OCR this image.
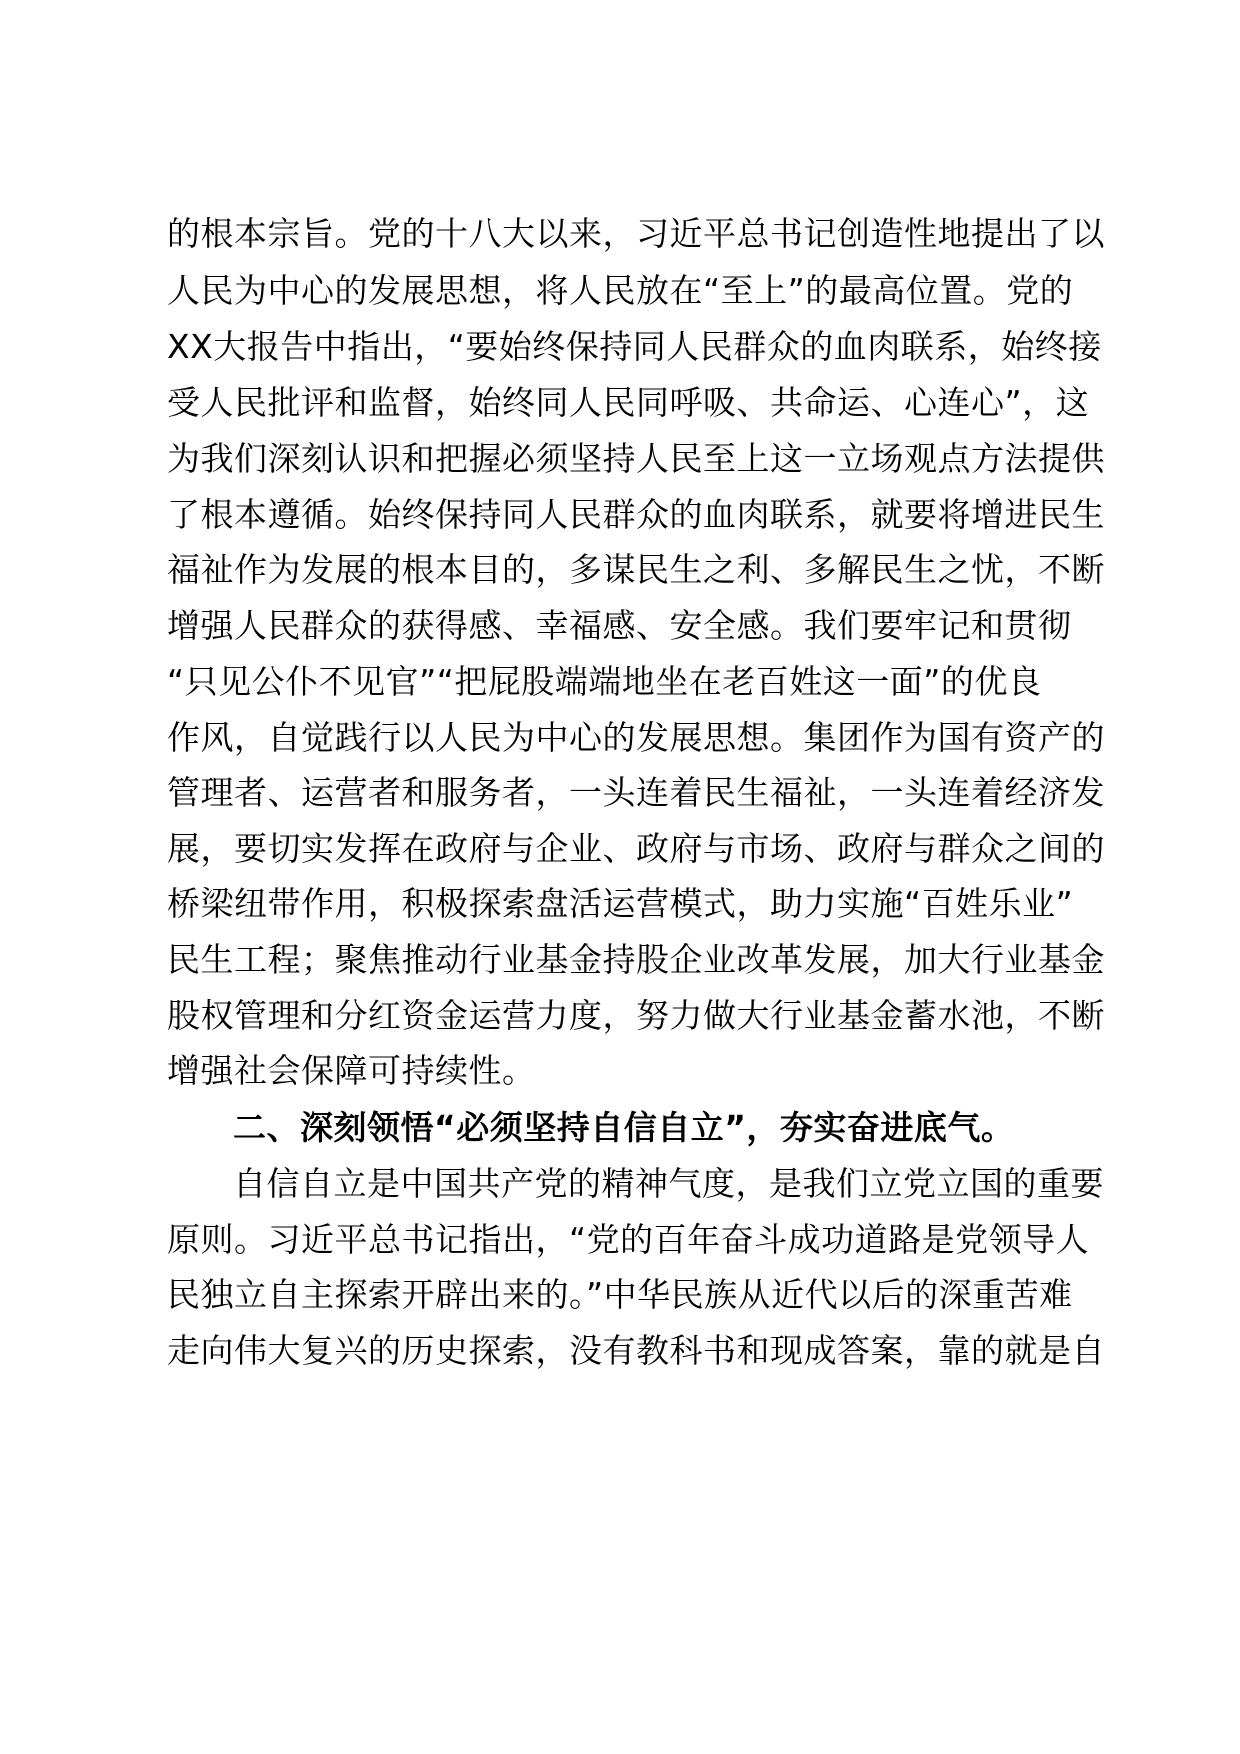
的根本宗旨。党的十八大以来，习近平总书记创造性地提出了以
人民为中心的发展思想，将人民放在“至上”的最高位置。党的
XX大报告中指出，“要始终保持同人民群众的血肉联系，始终接
受人民批评和监督，始终同人民同呼吸、共命运、心连心”，这
为我们深刻认识和把握必须坚持人民至上这一立场观点方法提供
了根本遵循。始终保持同人民群众的血肉联系，就要将增进民生
福祉作为发展的根本目的，多谋民生之利、多解民生之忧，不断
增强人民群众的获得感、幸福感、安全感。我们要牢记和贯彻
“只见公仆不见官”“把屁股端端地坐在老百姓这一面”的优良
作风，自觉践行以人民为中心的发展思想。集团作为国有资产的
管理者、运营者和服务者，一头连着民生福祉，一头连着经济发
展，要切实发挥在政府与企业、政府与市场、政府与群众之间的
桥梁纽带作用，积极探索盘活运营模式，助力实施“百姓乐业”
民生工程；聚焦推动行业基金持股企业改革发展，加大行业基金
股权管理和分红资金运营力度，努力做大行业基金蓄水池，不断
增强社会保障可持续性。
二、深刻领悟“必须坚持自信自立”，夯实奋进底气。
自信自立是中国共产党的精神气度，是我们立党立国的重要
原则。习近平总书记指出，“党的百年奋斗成功道路是党领导人
民独立自主探索开辟出来的。”中华民族从近代以后的深重苦难
走向伟大复兴的历史探索，没有教科书和现成答案，靠的就是自
